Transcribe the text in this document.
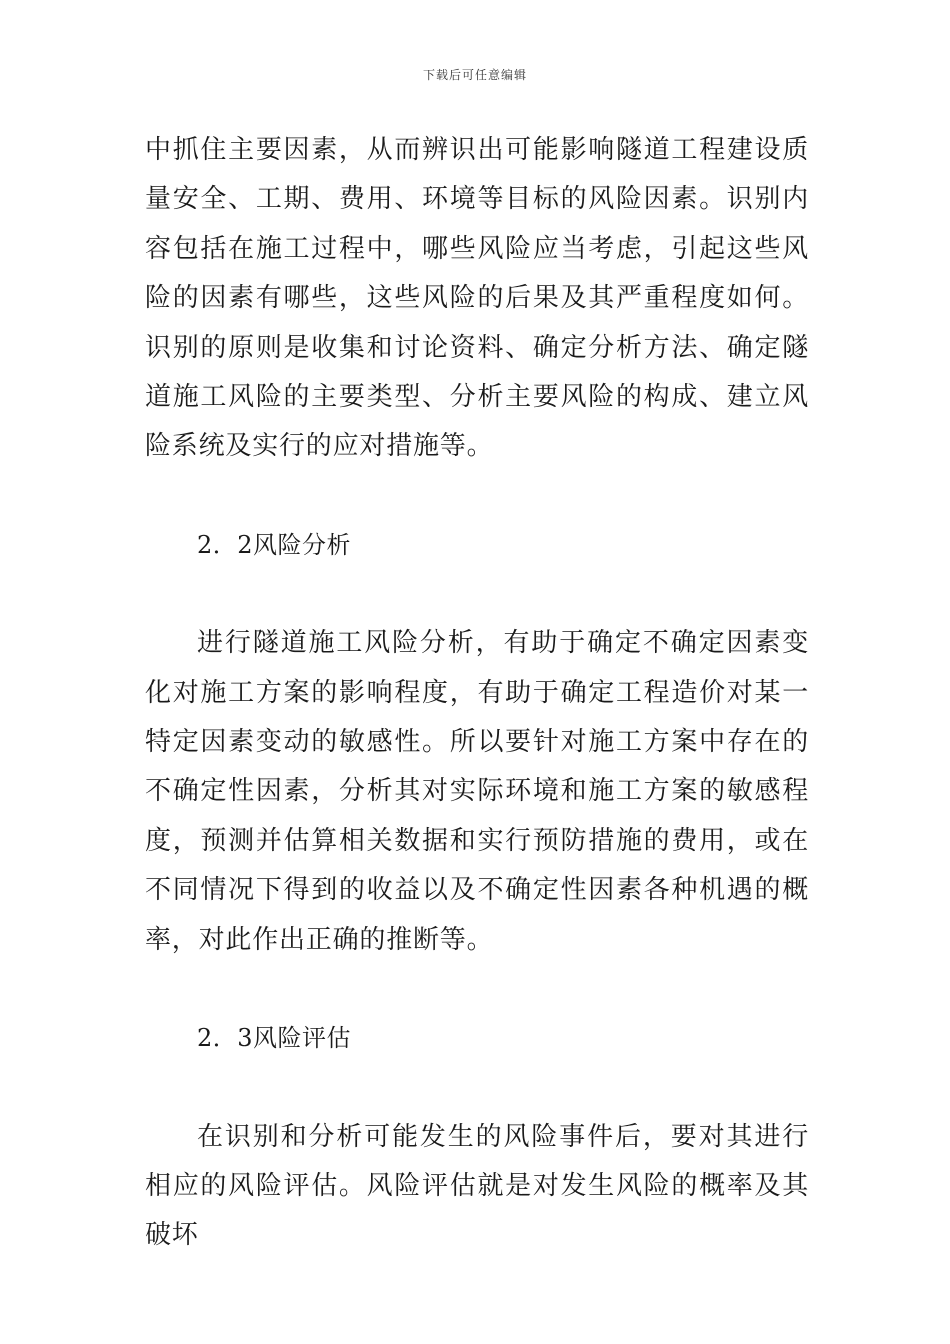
下载后可任意编辑

中抓住主要因素，从而辨识出可能影响隧道工程建设质量安全、工期、费用、环境等目标的风险因素。识别内容包括在施工过程中，哪些风险应当考虑，引起这些风险的因素有哪些，这些风险的后果及其严重程度如何。识别的原则是收集和讨论资料、确定分析方法、确定隧道施工风险的主要类型、分析主要风险的构成、建立风险系统及实行的应对措施等。

2．2风险分析

进行隧道施工风险分析，有助于确定不确定因素变化对施工方案的影响程度，有助于确定工程造价对某一特定因素变动的敏感性。所以要针对施工方案中存在的不确定性因素，分析其对实际环境和施工方案的敏感程度，预测并估算相关数据和实行预防措施的费用，或在不同情况下得到的收益以及不确定性因素各种机遇的概率，对此作出正确的推断等。

2．3风险评估

在识别和分析可能发生的风险事件后，要对其进行相应的风险评估。风险评估就是对发生风险的概率及其破坏
